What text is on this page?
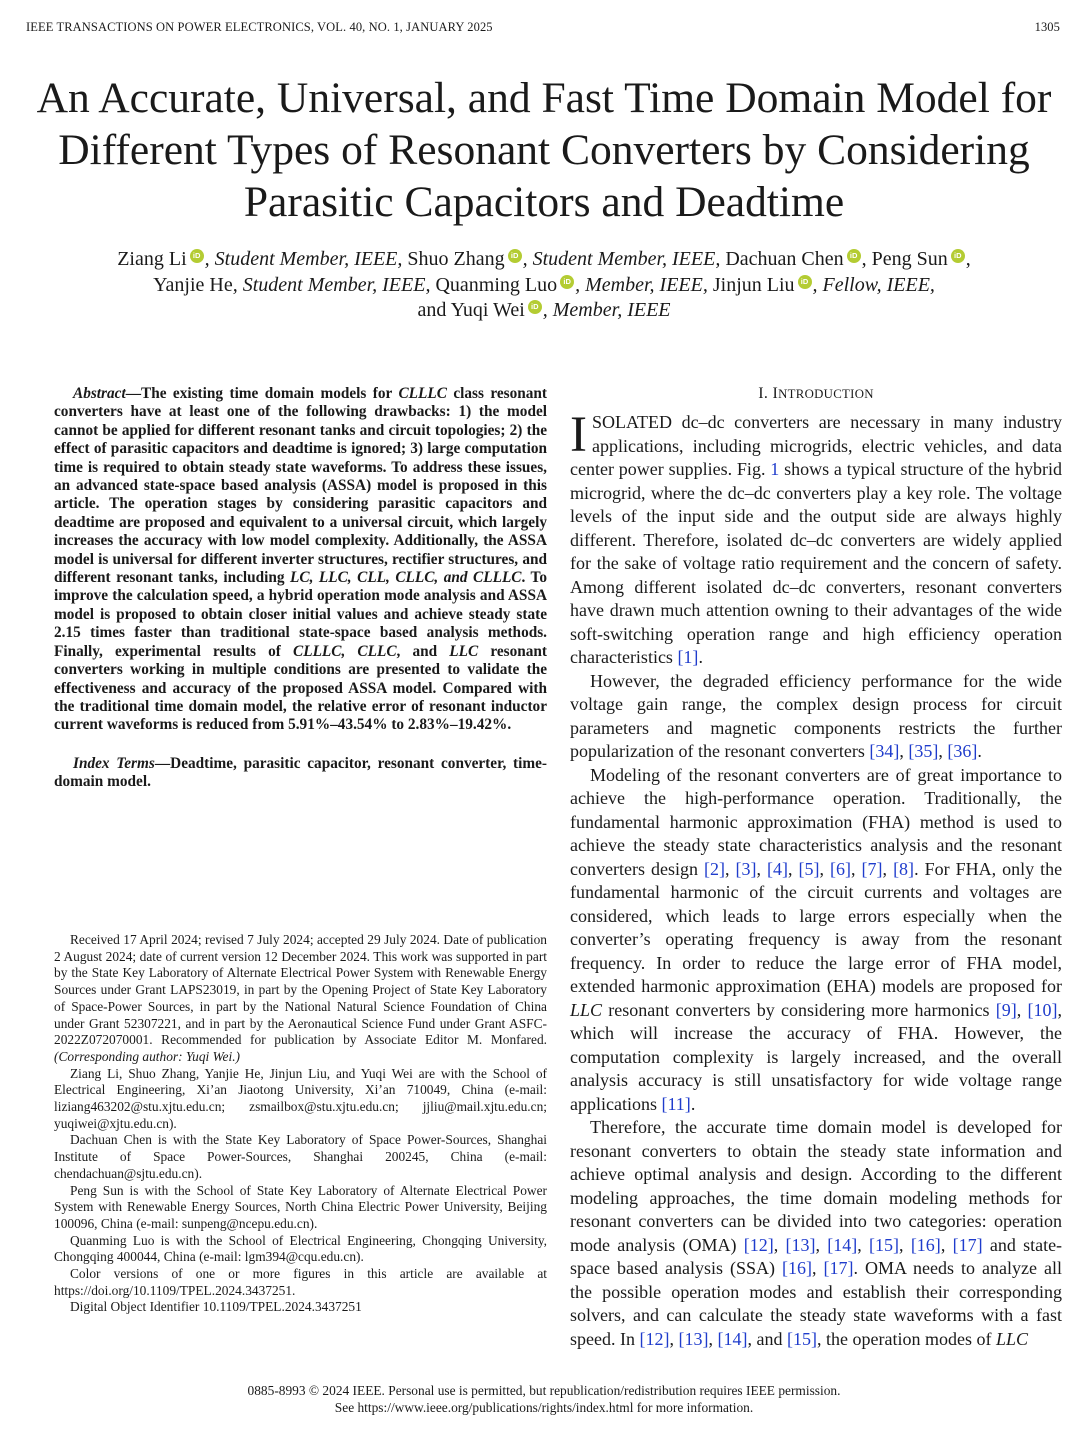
IEEE TRANSACTIONS ON POWER ELECTRONICS, VOL. 40, NO. 1, JANUARY 2025	1305
An Accurate, Universal, and Fast Time Domain Model for Different Types of Resonant Converters by Considering Parasitic Capacitors and Deadtime
Ziang Li iD , Student Member, IEEE, Shuo Zhang iD , Student Member, IEEE, Dachuan Chen iD , Peng Sun iD ,
Yanjie He, Student Member, IEEE, Quanming Luo iD , Member, IEEE, Jinjun Liu iD , Fellow, IEEE,
and Yuqi Wei iD , Member, IEEE

Abstract—The existing time domain models for CLLLC class resonant converters have at least one of the following drawbacks: 1) the model cannot be applied for different resonant tanks and circuit topologies; 2) the effect of parasitic capacitors and deadtime is ignored; 3) large computation time is required to obtain steady state waveforms. To address these issues, an advanced state-space based analysis (ASSA) model is proposed in this article. The operation stages by considering parasitic capacitors and deadtime are proposed and equivalent to a universal circuit, which largely increases the accuracy with low model complexity. Additionally, the ASSA model is universal for different inverter structures, rectifier structures, and different resonant tanks, including LC, LLC, CLL, CLLC, and CLLLC. To improve the calculation speed, a hybrid operation mode analysis and ASSA model is proposed to obtain closer initial values and achieve steady state 2.15 times faster than traditional state-space based analysis methods. Finally, experimental results of CLLLC, CLLC, and LLC resonant converters working in multiple conditions are presented to validate the effectiveness and accuracy of the proposed ASSA model. Compared with the traditional time domain model, the relative error of resonant inductor current waveforms is reduced from 5.91%–43.54% to 2.83%–19.42%.

Index Terms—Deadtime, parasitic capacitor, resonant converter, time-domain model.

Received 17 April 2024; revised 7 July 2024; accepted 29 July 2024. Date of publication 2 August 2024; date of current version 12 December 2024. This work was supported in part by the State Key Laboratory of Alternate Electrical Power System with Renewable Energy Sources under Grant LAPS23019, in part by the Opening Project of State Key Laboratory of Space-Power Sources, in part by the National Natural Science Foundation of China under Grant 52307221, and in part by the Aeronautical Science Fund under Grant ASFC-2022Z072070001. Recommended for publication by Associate Editor M. Monfared. (Corresponding author: Yuqi Wei.)

Ziang Li, Shuo Zhang, Yanjie He, Jinjun Liu, and Yuqi Wei are with the School of Electrical Engineering, Xi’an Jiaotong University, Xi’an 710049, China (e-mail: liziang463202@stu.xjtu.edu.cn; zsmailbox@stu.xjtu.edu.cn; jjliu@mail.xjtu.edu.cn; yuqiwei@xjtu.edu.cn).

Dachuan Chen is with the State Key Laboratory of Space Power-Sources, Shanghai Institute of Space Power-Sources, Shanghai 200245, China (e-mail: chendachuan@sjtu.edu.cn).

Peng Sun is with the School of State Key Laboratory of Alternate Electrical Power System with Renewable Energy Sources, North China Electric Power University, Beijing 100096, China (e-mail: sunpeng@ncepu.edu.cn).

Quanming Luo is with the School of Electrical Engineering, Chongqing University, Chongqing 400044, China (e-mail: lgm394@cqu.edu.cn).

Color versions of one or more figures in this article are available at https://doi.org/10.1109/TPEL.2024.3437251.

Digital Object Identifier 10.1109/TPEL.2024.3437251

I. INTRODUCTION

ISOLATED dc–dc converters are necessary in many industry applications, including microgrids, electric vehicles, and data center power supplies. Fig. 1 shows a typical structure of the hybrid microgrid, where the dc–dc converters play a key role. The voltage levels of the input side and the output side are always highly different. Therefore, isolated dc–dc converters are widely applied for the sake of voltage ratio requirement and the concern of safety. Among different isolated dc–dc converters, resonant converters have drawn much attention owning to their advantages of the wide soft-switching operation range and high efficiency operation characteristics [1].

However, the degraded efficiency performance for the wide voltage gain range, the complex design process for circuit parameters and magnetic components restricts the further popularization of the resonant converters [34], [35], [36].

Modeling of the resonant converters are of great importance to achieve the high-performance operation. Traditionally, the fundamental harmonic approximation (FHA) method is used to achieve the steady state characteristics analysis and the resonant converters design [2], [3], [4], [5], [6], [7], [8]. For FHA, only the fundamental harmonic of the circuit currents and voltages are considered, which leads to large errors especially when the converter’s operating frequency is away from the resonant frequency. In order to reduce the large error of FHA model, extended harmonic approximation (EHA) models are proposed for LLC resonant converters by considering more harmonics [9], [10], which will increase the accuracy of FHA. However, the computation complexity is largely increased, and the overall analysis accuracy is still unsatisfactory for wide voltage range applications [11].

Therefore, the accurate time domain model is developed for resonant converters to obtain the steady state information and achieve optimal analysis and design. According to the different modeling approaches, the time domain modeling methods for resonant converters can be divided into two categories: operation mode analysis (OMA) [12], [13], [14], [15], [16], [17] and state-space based analysis (SSA) [16], [17]. OMA needs to analyze all the possible operation modes and establish their corresponding solvers, and can calculate the steady state waveforms with a fast speed. In [12], [13], [14], and [15], the operation modes of LLC

0885-8993 © 2024 IEEE. Personal use is permitted, but republication/redistribution requires IEEE permission.
See https://www.ieee.org/publications/rights/index.html for more information.
